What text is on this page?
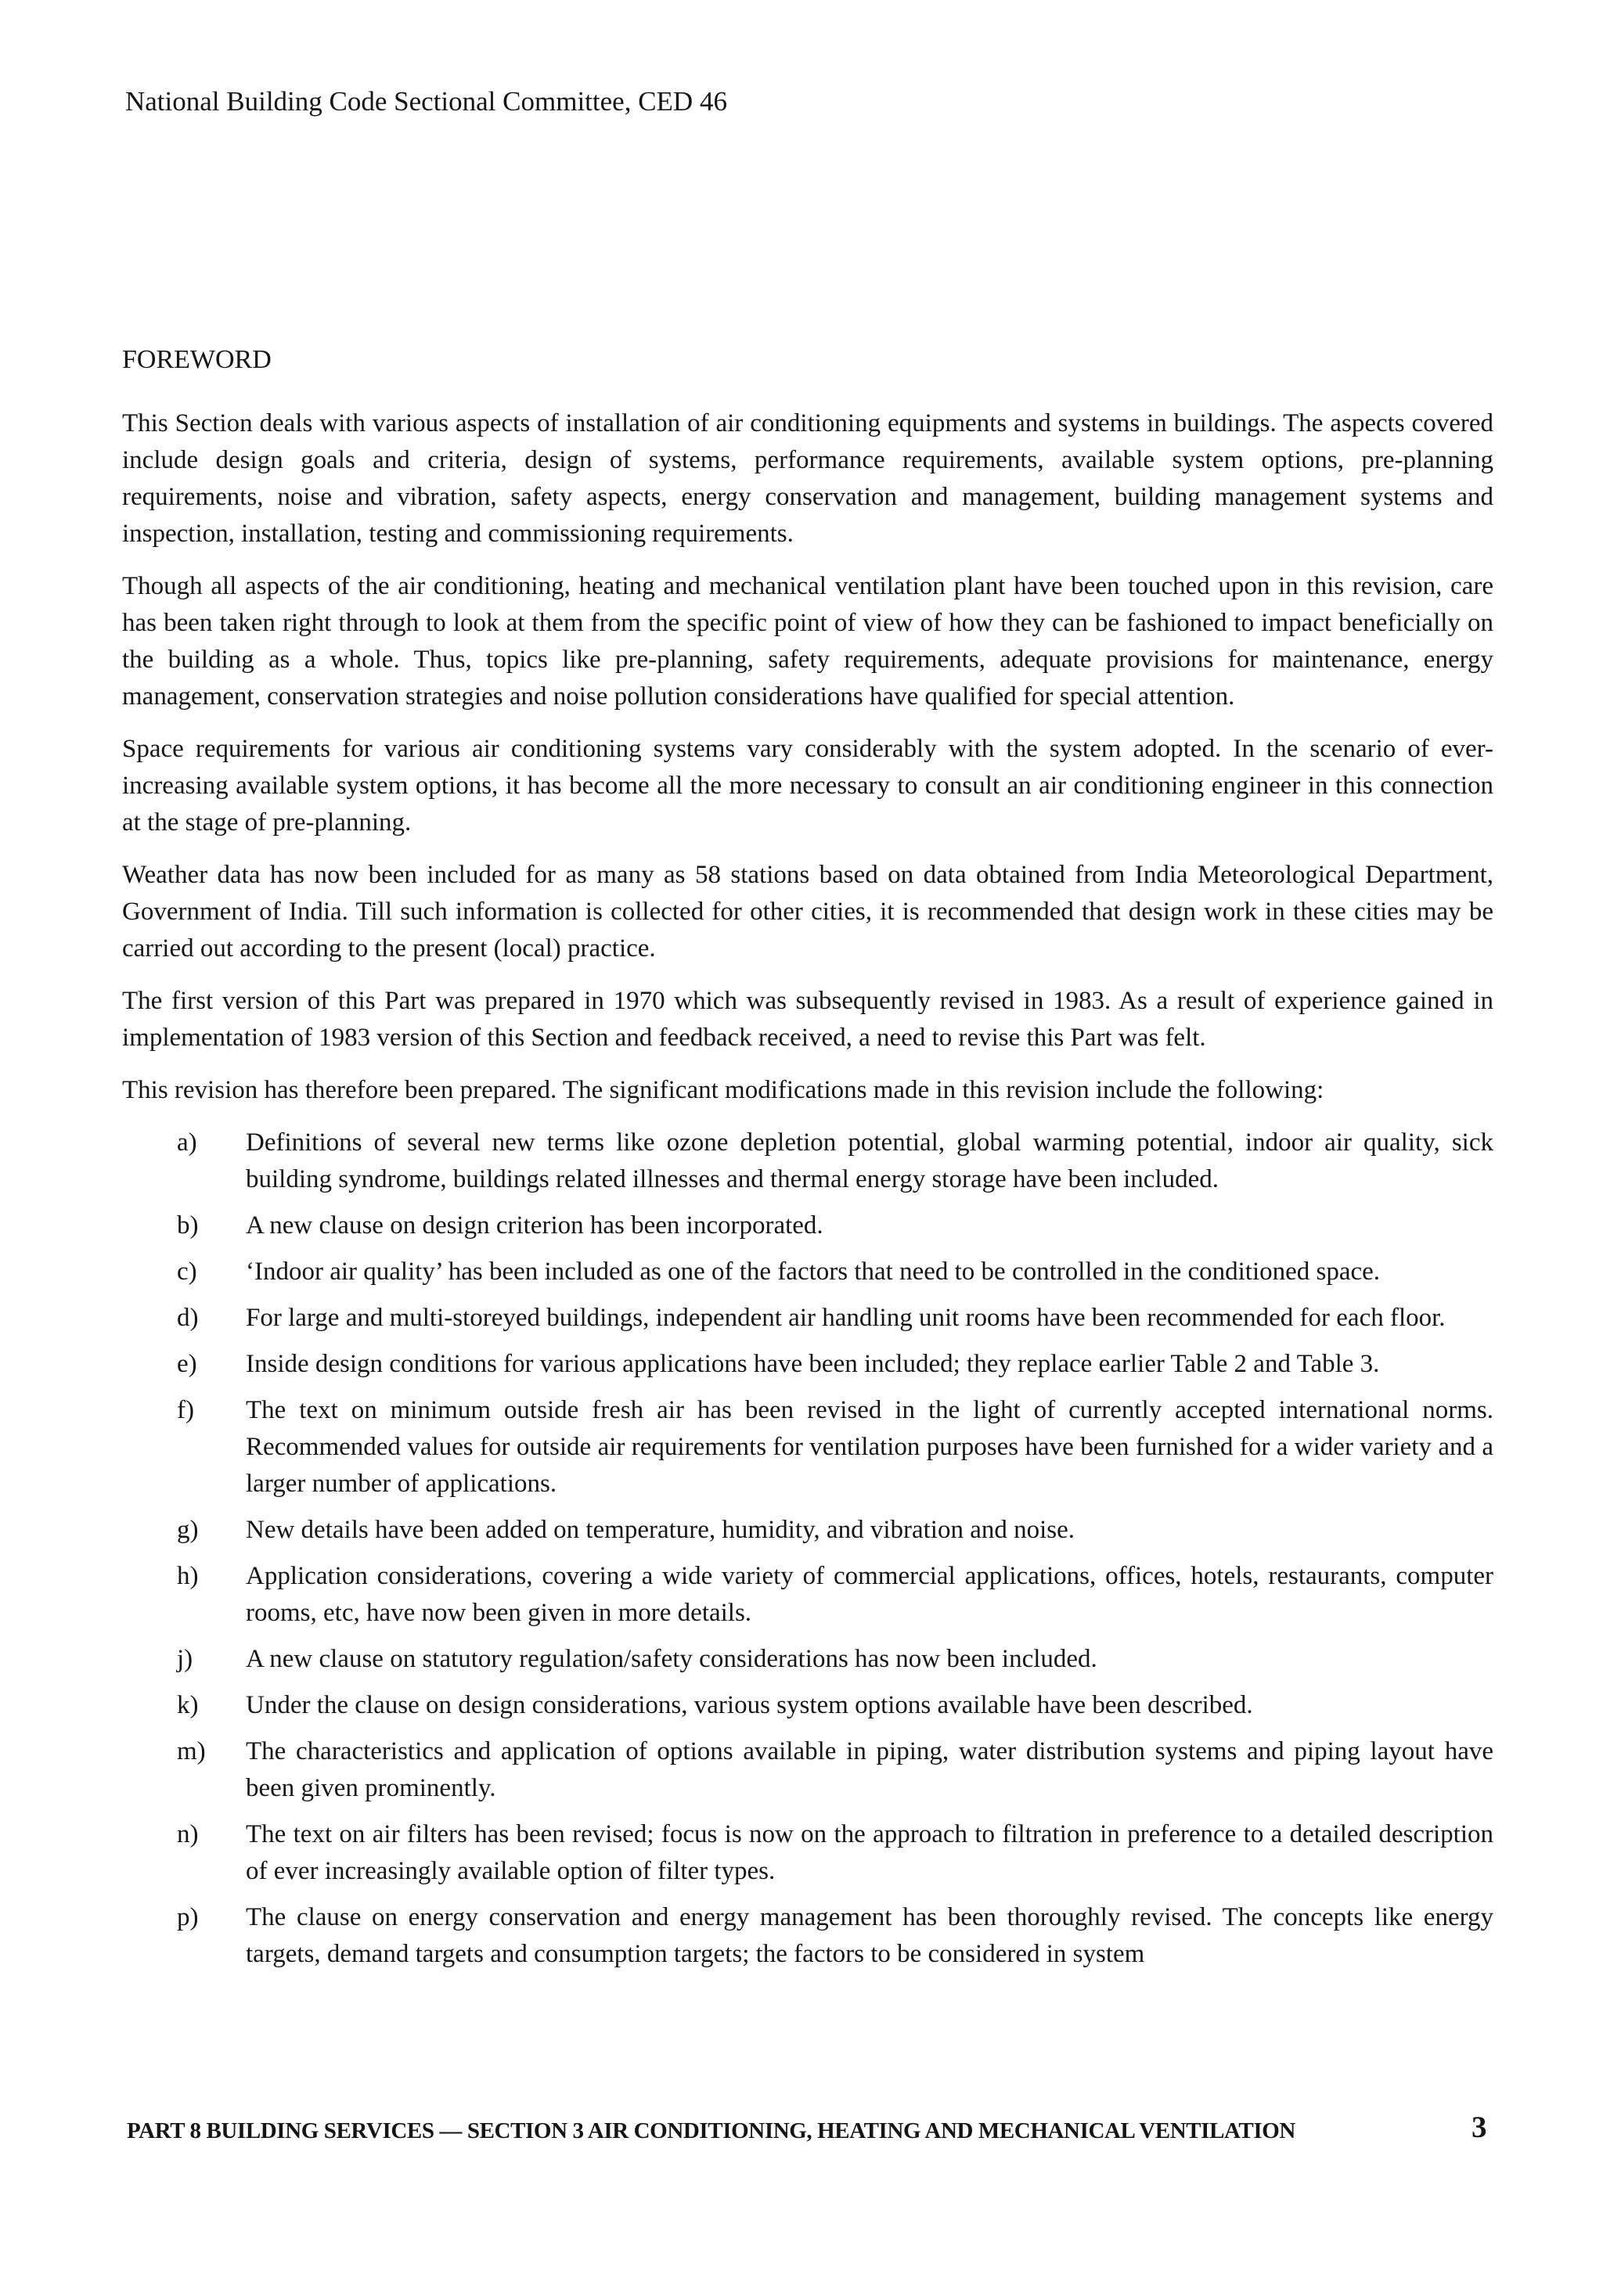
National Building Code Sectional Committee, CED 46
FOREWORD

This Section deals with various aspects of installation of air conditioning equipments and systems in buildings. The aspects covered include design goals and criteria, design of systems, performance requirements, available system options, pre-planning requirements, noise and vibration, safety aspects, energy conservation and management, building management systems and inspection, installation, testing and commissioning requirements.

Though all aspects of the air conditioning, heating and mechanical ventilation plant have been touched upon in this revision, care has been taken right through to look at them from the specific point of view of how they can be fashioned to impact beneficially on the building as a whole. Thus, topics like pre-planning, safety requirements, adequate provisions for maintenance, energy management, conservation strategies and noise pollution considerations have qualified for special attention.

Space requirements for various air conditioning systems vary considerably with the system adopted. In the scenario of ever-increasing available system options, it has become all the more necessary to consult an air conditioning engineer in this connection at the stage of pre-planning.

Weather data has now been included for as many as 58 stations based on data obtained from India Meteorological Department, Government of India. Till such information is collected for other cities, it is recommended that design work in these cities may be carried out according to the present (local) practice.

The first version of this Part was prepared in 1970 which was subsequently revised in 1983. As a result of experience gained in implementation of 1983 version of this Section and feedback received, a need to revise this Part was felt.

This revision has therefore been prepared. The significant modifications made in this revision include the following:

a)	Definitions of several new terms like ozone depletion potential, global warming potential, indoor air quality, sick building syndrome, buildings related illnesses and thermal energy storage have been included.
b)	A new clause on design criterion has been incorporated.
c)	‘Indoor air quality’ has been included as one of the factors that need to be controlled in the conditioned space.
d)	For large and multi-storeyed buildings, independent air handling unit rooms have been recommended for each floor.
e)	Inside design conditions for various applications have been included; they replace earlier Table 2 and Table 3.
f)	The text on minimum outside fresh air has been revised in the light of currently accepted international norms. Recommended values for outside air requirements for ventilation purposes have been furnished for a wider variety and a larger number of applications.
g)	New details have been added on temperature, humidity, and vibration and noise.
h)	Application considerations, covering a wide variety of commercial applications, offices, hotels, restaurants, computer rooms, etc, have now been given in more details.
j)	A new clause on statutory regulation/safety considerations has now been included.
k)	Under the clause on design considerations, various system options available have been described.
m)	The characteristics and application of options available in piping, water distribution systems and piping layout have been given prominently.
n)	The text on air filters has been revised; focus is now on the approach to filtration in preference to a detailed description of ever increasingly available option of filter types.
p)	The clause on energy conservation and energy management has been thoroughly revised. The concepts like energy targets, demand targets and consumption targets; the factors to be considered in system
PART 8 BUILDING SERVICES — SECTION 3 AIR CONDITIONING, HEATING AND MECHANICAL VENTILATION	3
